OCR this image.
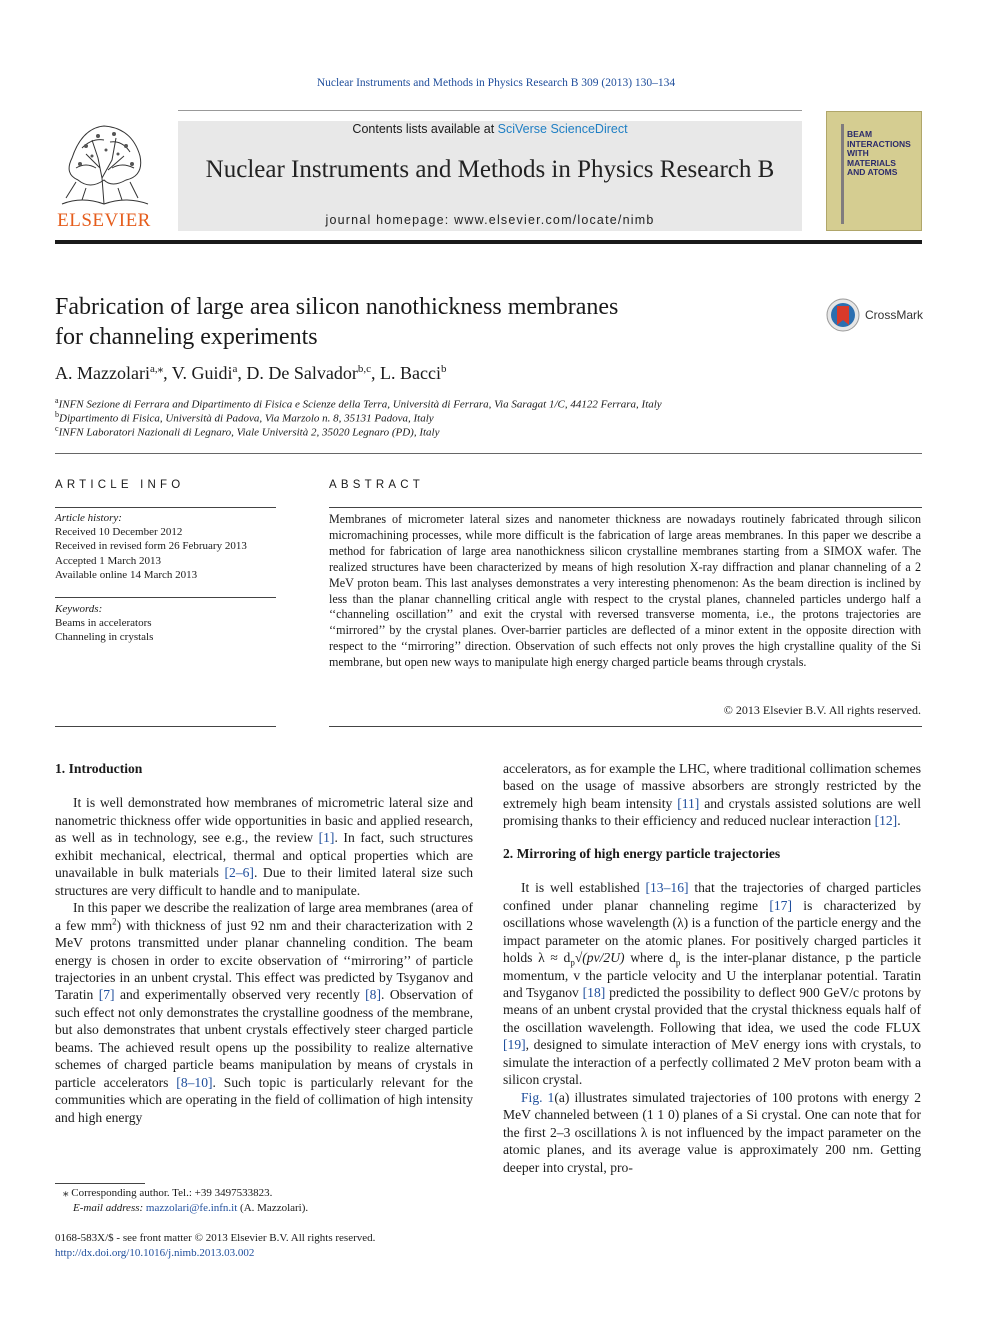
Nuclear Instruments and Methods in Physics Research B 309 (2013) 130–134
ELSEVIER
Contents lists available at SciVerse ScienceDirect
Nuclear Instruments and Methods in Physics Research B
journal homepage: www.elsevier.com/locate/nimb
BEAM
INTERACTIONS
WITH
MATERIALS
AND ATOMS
Fabrication of large area silicon nanothickness membranes
for channeling experiments
CrossMark
A. Mazzolari$^{a,⁎}$, V. Guidi$^a$, D. De Salvador$^{b,c}$, L. Bacci$^b$
$^a$INFN Sezione di Ferrara and Dipartimento di Fisica e Scienze della Terra, Università di Ferrara, Via Saragat 1/C, 44122 Ferrara, Italy
$^b$Dipartimento di Fisica, Università di Padova, Via Marzolo n. 8, 35131 Padova, Italy
$^c$INFN Laboratori Nazionali di Legnaro, Viale Università 2, 35020 Legnaro (PD), Italy
ARTICLE INFO
Article history:
Received 10 December 2012
Received in revised form 26 February 2013
Accepted 1 March 2013
Available online 14 March 2013
Keywords:
Beams in accelerators
Channeling in crystals
ABSTRACT
Membranes of micrometer lateral sizes and nanometer thickness are nowadays routinely fabricated through silicon micromachining processes, while more difficult is the fabrication of large areas membranes. In this paper we describe a method for fabrication of large area nanothickness silicon crystalline membranes starting from a SIMOX wafer. The realized structures have been characterized by means of high resolution X-ray diffraction and planar channeling of a 2 MeV proton beam. This last analyses demonstrates a very interesting phenomenon: As the beam direction is inclined by less than the planar channelling critical angle with respect to the crystal planes, channeled particles undergo half a ‘‘channeling oscillation’’ and exit the crystal with reversed transverse momenta, i.e., the protons trajectories are ‘‘mirrored’’ by the crystal planes. Over-barrier particles are deflected of a minor extent in the opposite direction with respect to the ‘‘mirroring’’ direction. Observation of such effects not only proves the high crystalline quality of the Si membrane, but open new ways to manipulate high energy charged particle beams through crystals.
© 2013 Elsevier B.V. All rights reserved.
1. Introduction

It is well demonstrated how membranes of micrometric lateral size and nanometric thickness offer wide opportunities in basic and applied research, as well as in technology, see e.g., the review [1]. In fact, such structures exhibit mechanical, electrical, thermal and optical properties which are unavailable in bulk materials [2–6]. Due to their limited lateral size such structures are very difficult to handle and to manipulate.

In this paper we describe the realization of large area membranes (area of a few $mm^2$) with thickness of just 92 nm and their characterization with 2 MeV protons transmitted under planar channeling condition. The beam energy is chosen in order to excite observation of ‘‘mirroring’’ of particle trajectories in an unbent crystal. This effect was predicted by Tsyganov and Taratin [7] and experimentally observed very recently [8]. Observation of such effect not only demonstrates the crystalline goodness of the membrane, but also demonstrates that unbent crystals effectively steer charged particle beams. The achieved result opens up the possibility to realize alternative schemes of charged particle beams manipulation by means of crystals in particle accelerators [8–10]. Such topic is particularly relevant for the communities which are operating in the field of collimation of high intensity and high energy

accelerators, as for example the LHC, where traditional collimation schemes based on the usage of massive absorbers are strongly restricted by the extremely high beam intensity [11] and crystals assisted solutions are well promising thanks to their efficiency and reduced nuclear interaction [12].

2. Mirroring of high energy particle trajectories

It is well established [13–16] that the trajectories of charged particles confined under planar channeling regime [17] is characterized by oscillations whose wavelength (λ) is a function of the particle energy and the impact parameter on the atomic planes. For positively charged particles it holds $\lambda \approx d_p√(pv/2U)$ where $d_p$ is the inter-planar distance, p the particle momentum, v the particle velocity and U the interplanar potential. Taratin and Tsyganov [18] predicted the possibility to deflect 900 GeV/c protons by means of an unbent crystal provided that the crystal thickness equals half of the oscillation wavelength. Following that idea, we used the code FLUX [19], designed to simulate interaction of MeV energy ions with crystals, to simulate the interaction of a perfectly collimated 2 MeV proton beam with a silicon crystal.

Fig. 1(a) illustrates simulated trajectories of 100 protons with energy 2 MeV channeled between (1 1 0) planes of a Si crystal. One can note that for the first 2–3 oscillations λ is not influenced by the impact parameter on the atomic planes, and its average value is approximately 200 nm. Getting deeper into crystal, pro-

⁎ Corresponding author. Tel.: +39 3497533823.
E-mail address: mazzolari@fe.infn.it (A. Mazzolari).
0168-583X/$ - see front matter © 2013 Elsevier B.V. All rights reserved.
http://dx.doi.org/10.1016/j.nimb.2013.03.002
